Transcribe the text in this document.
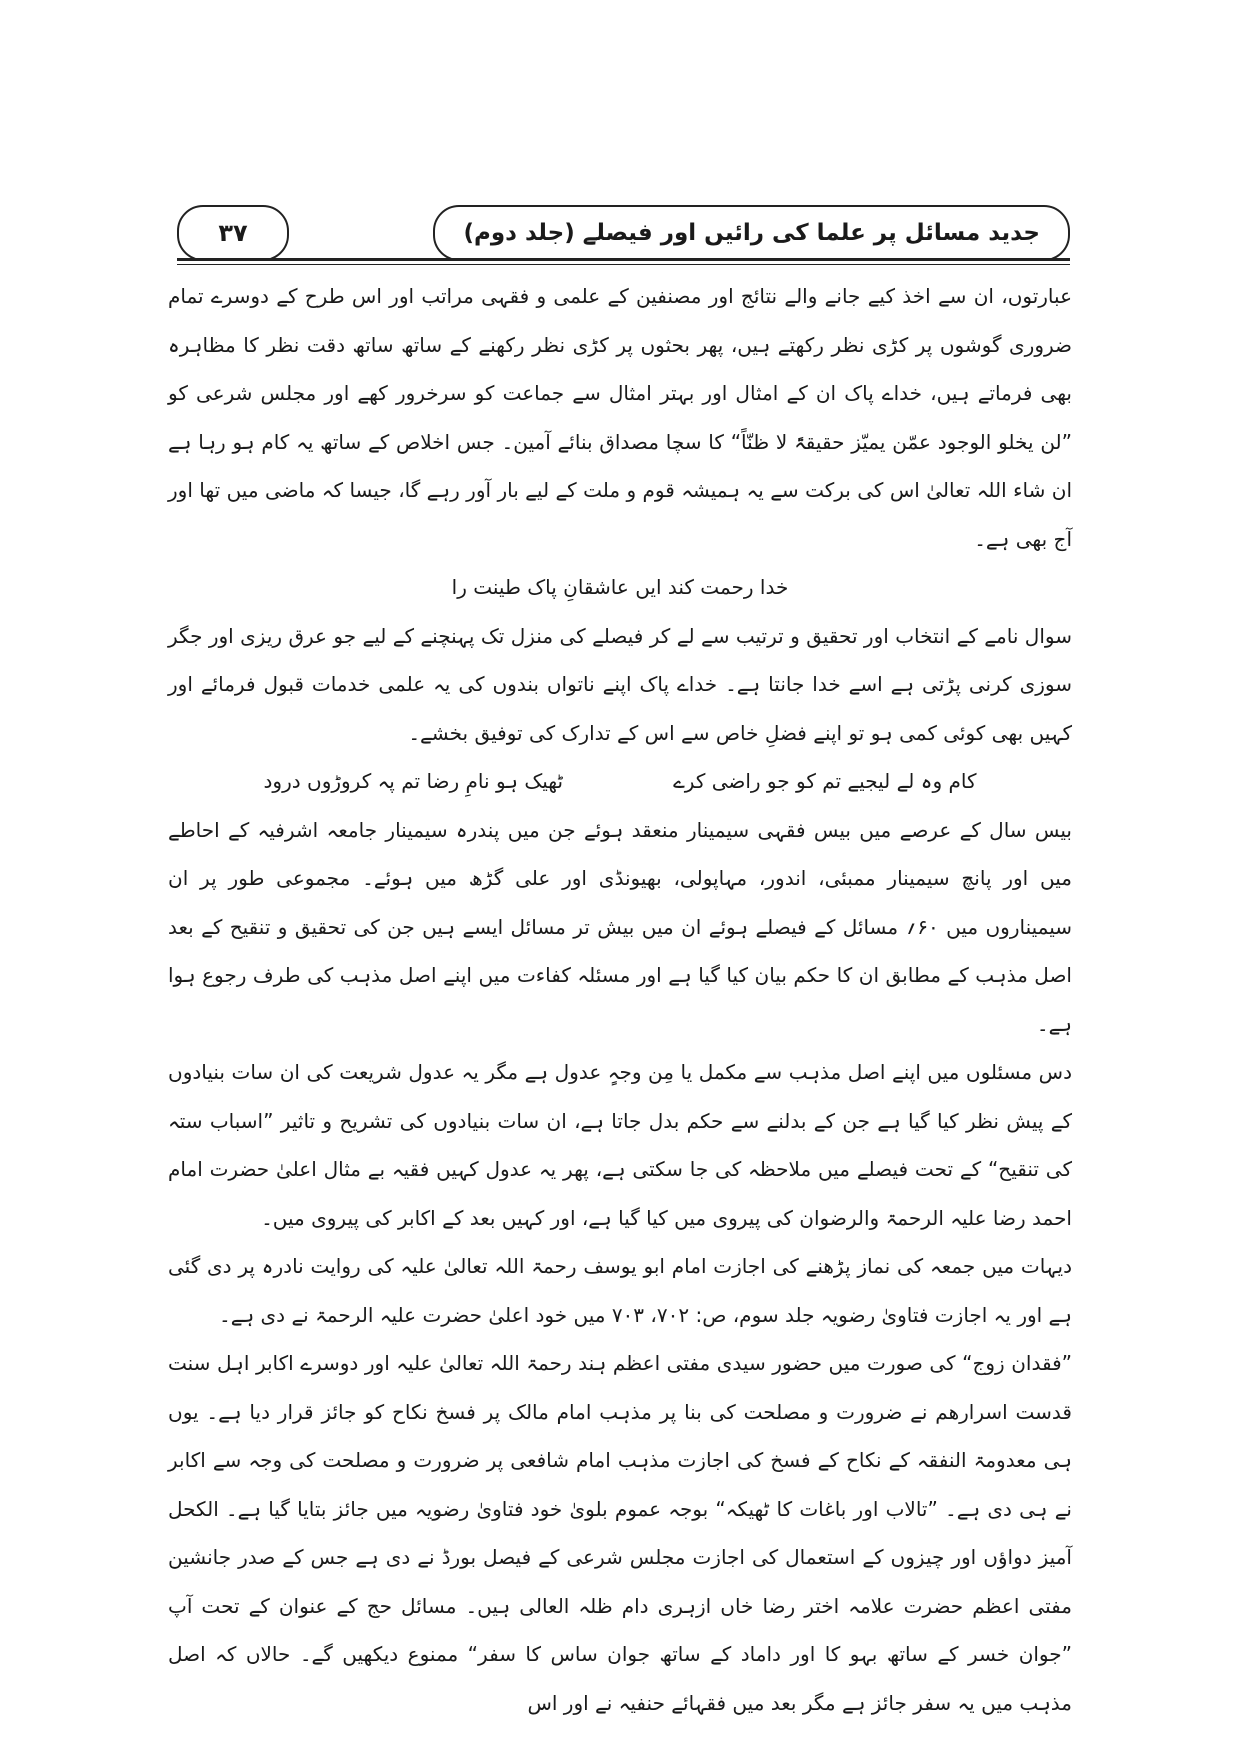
جدید مسائل پر علما کی رائیں اور فیصلے (جلد دوم)
۳۷

عبارتوں، ان سے اخذ کیے جانے والے نتائج اور مصنفین کے علمی و فقہی مراتب اور اس طرح کے دوسرے تمام ضروری گوشوں پر کڑی نظر رکھتے ہیں، پھر بحثوں پر کڑی نظر رکھنے کے ساتھ ساتھ دقت نظر کا مظاہرہ بھی فرماتے ہیں، خداے پاک ان کے امثال اور بہتر امثال سے جماعت کو سرخرور کھے اور مجلس شرعی کو ”لن یخلو الوجود عمّن یمیّز حقیقۃً لا ظنّاً“ کا سچا مصداق بنائے آمین۔ جس اخلاص کے ساتھ یہ کام ہو رہا ہے ان شاء اللہ تعالیٰ اس کی برکت سے یہ ہمیشہ قوم و ملت کے لیے بار آور رہے گا، جیسا کہ ماضی میں تھا اور آج بھی ہے۔

خدا رحمت کند ایں عاشقانِ پاک طینت را

سوال نامے کے انتخاب اور تحقیق و ترتیب سے لے کر فیصلے کی منزل تک پہنچنے کے لیے جو عرق ریزی اور جگر سوزی کرنی پڑتی ہے اسے خدا جانتا ہے۔ خداے پاک اپنے ناتواں بندوں کی یہ علمی خدمات قبول فرمائے اور کہیں بھی کوئی کمی ہو تو اپنے فضلِ خاص سے اس کے تدارک کی توفیق بخشے۔

کام وہ لے لیجیے تم کو جو راضی کرے
ٹھیک ہو نامِ رضا تم پہ کروڑوں درود

بیس سال کے عرصے میں بیس فقہی سیمینار منعقد ہوئے جن میں پندرہ سیمینار جامعہ اشرفیہ کے احاطے میں اور پانچ سیمینار ممبئی، اندور، مہاپولی، بھیونڈی اور علی گڑھ میں ہوئے۔ مجموعی طور پر ان سیمیناروں میں ۶۰؍ مسائل کے فیصلے ہوئے ان میں بیش تر مسائل ایسے ہیں جن کی تحقیق و تنقیح کے بعد اصل مذہب کے مطابق ان کا حکم بیان کیا گیا ہے اور مسئلہ کفاءت میں اپنے اصل مذہب کی طرف رجوع ہوا ہے۔

دس مسئلوں میں اپنے اصل مذہب سے مکمل یا مِن وجہٍ عدول ہے مگر یہ عدول شریعت کی ان سات بنیادوں کے پیش نظر کیا گیا ہے جن کے بدلنے سے حکم بدل جاتا ہے، ان سات بنیادوں کی تشریح و تاثیر ”اسباب ستہ کی تنقیح“ کے تحت فیصلے میں ملاحظہ کی جا سکتی ہے، پھر یہ عدول کہیں فقیہ بے مثال اعلیٰ حضرت امام احمد رضا علیہ الرحمۃ والرضوان کی پیروی میں کیا گیا ہے، اور کہیں بعد کے اکابر کی پیروی میں۔

دیہات میں جمعہ کی نماز پڑھنے کی اجازت امام ابو یوسف رحمۃ اللہ تعالیٰ علیہ کی روایت نادرہ پر دی گئی ہے اور یہ اجازت فتاویٰ رضویہ جلد سوم، ص: ۷۰۲، ۷۰۳ میں خود اعلیٰ حضرت علیہ الرحمۃ نے دی ہے۔

”فقدان زوج“ کی صورت میں حضور سیدی مفتی اعظم ہند رحمۃ اللہ تعالیٰ علیہ اور دوسرے اکابر اہل سنت قدست اسرارھم نے ضرورت و مصلحت کی بنا پر مذہب امام مالک پر فسخ نکاح کو جائز قرار دیا ہے۔ یوں ہی معدومۃ النفقہ کے نکاح کے فسخ کی اجازت مذہب امام شافعی پر ضرورت و مصلحت کی وجہ سے اکابر نے ہی دی ہے۔ ”تالاب اور باغات کا ٹھیکہ“ بوجہ عموم بلویٰ خود فتاویٰ رضویہ میں جائز بتایا گیا ہے۔ الکحل آمیز دواؤں اور چیزوں کے استعمال کی اجازت مجلس شرعی کے فیصل بورڈ نے دی ہے جس کے صدر جانشین مفتی اعظم حضرت علامہ اختر رضا خاں ازہری دام ظلہ العالی ہیں۔ مسائل حج کے عنوان کے تحت آپ ”جوان خسر کے ساتھ بہو کا اور داماد کے ساتھ جوان ساس کا سفر“ ممنوع دیکھیں گے۔ حالاں کہ اصل مذہب میں یہ سفر جائز ہے مگر بعد میں فقہائے حنفیہ نے اور اس
